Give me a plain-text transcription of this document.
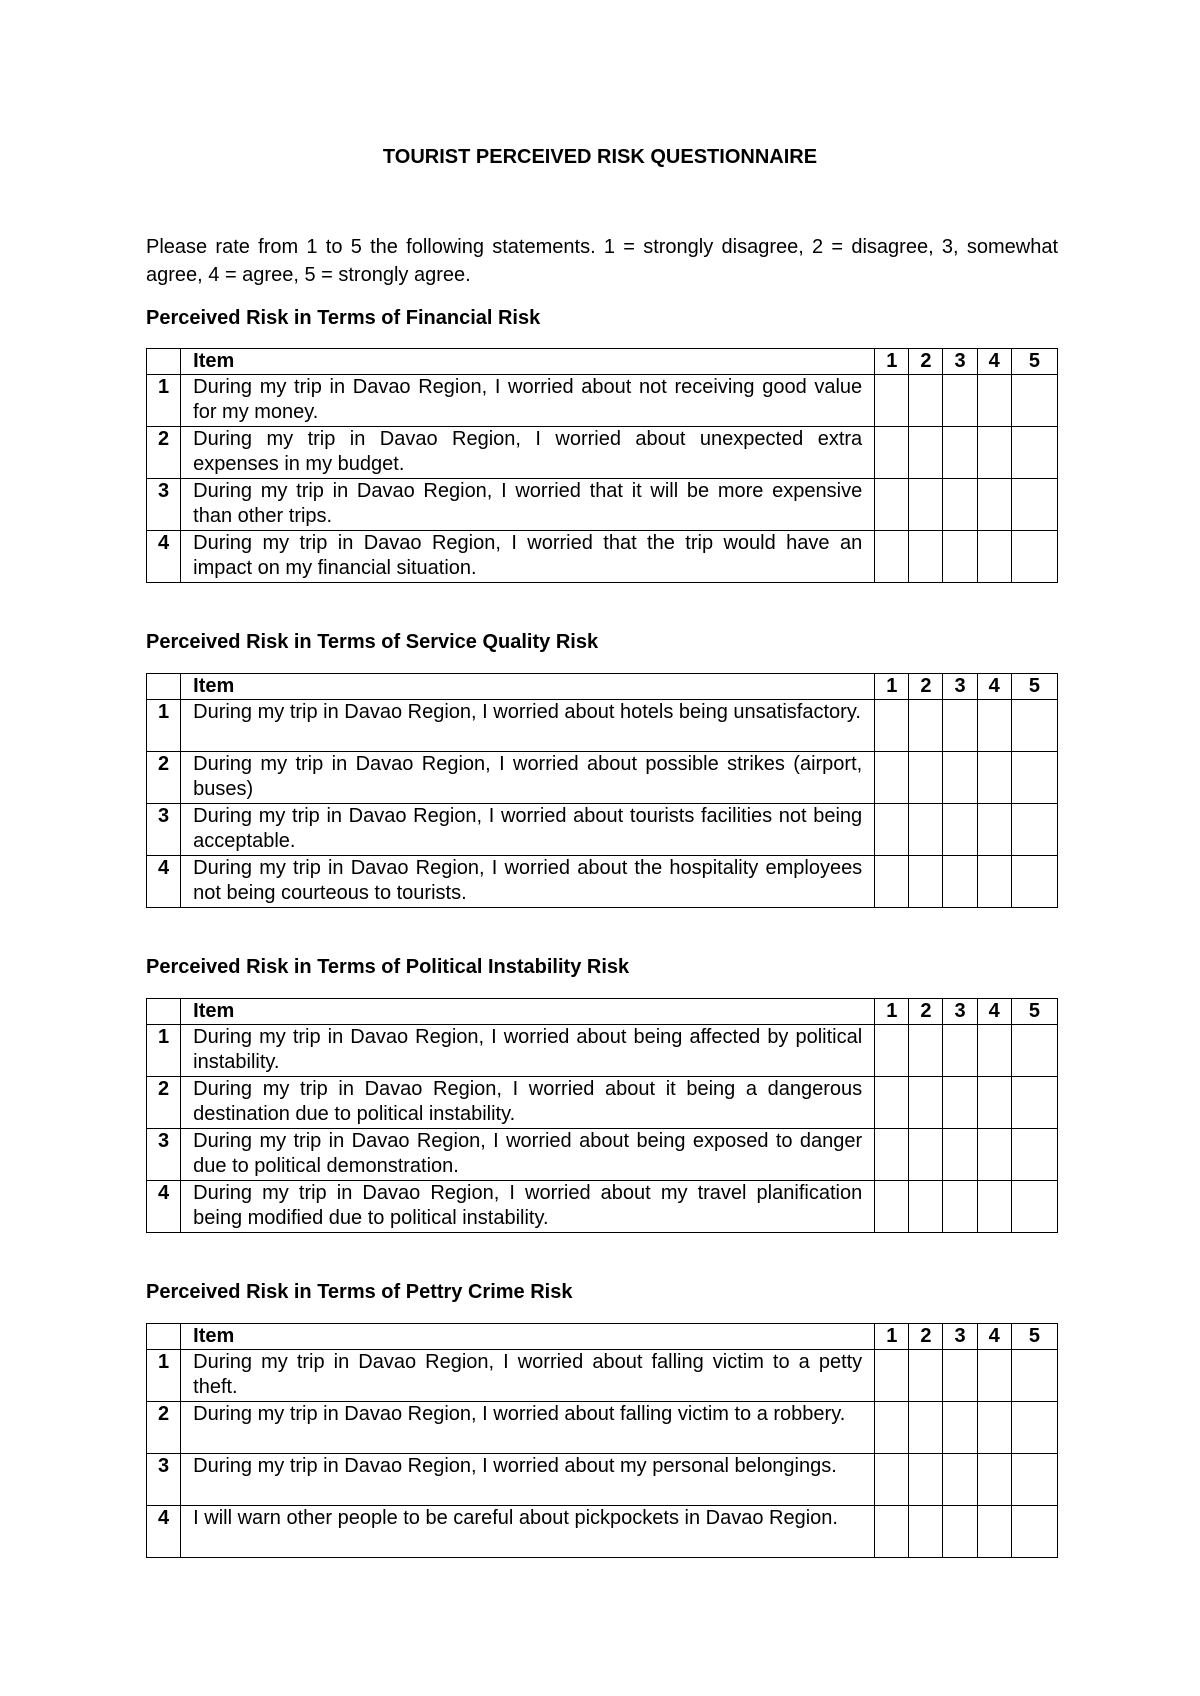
TOURIST PERCEIVED RISK QUESTIONNAIRE

Please rate from 1 to 5 the following statements. 1 = strongly disagree, 2 = disagree, 3, somewhat agree, 4 = agree, 5 = strongly agree.

Perceived Risk in Terms of Financial Risk
	Item	1	2	3	4	5
1	During my trip in Davao Region, I worried about not receiving good value for my money.					
2	During my trip in Davao Region, I worried about unexpected extra expenses in my budget.					
3	During my trip in Davao Region, I worried that it will be more expensive than other trips.					
4	During my trip in Davao Region, I worried that the trip would have an impact on my financial situation.					
Perceived Risk in Terms of Service Quality Risk
	Item	1	2	3	4	5
1	During my trip in Davao Region, I worried about hotels being unsatisfactory.					
2	During my trip in Davao Region, I worried about possible strikes (airport, buses)					
3	During my trip in Davao Region, I worried about tourists facilities not being acceptable.					
4	During my trip in Davao Region, I worried about the hospitality employees not being courteous to tourists.					
Perceived Risk in Terms of Political Instability Risk
	Item	1	2	3	4	5
1	During my trip in Davao Region, I worried about being affected by political instability.					
2	During my trip in Davao Region, I worried about it being a dangerous destination due to political instability.					
3	During my trip in Davao Region, I worried about being exposed to danger due to political demonstration.					
4	During my trip in Davao Region, I worried about my travel planification being modified due to political instability.					
Perceived Risk in Terms of Pettry Crime Risk
	Item	1	2	3	4	5
1	During my trip in Davao Region, I worried about falling victim to a petty theft.					
2	During my trip in Davao Region, I worried about falling victim to a robbery.					
3	During my trip in Davao Region, I worried about my personal belongings.					
4	I will warn other people to be careful about pickpockets in Davao Region.					
